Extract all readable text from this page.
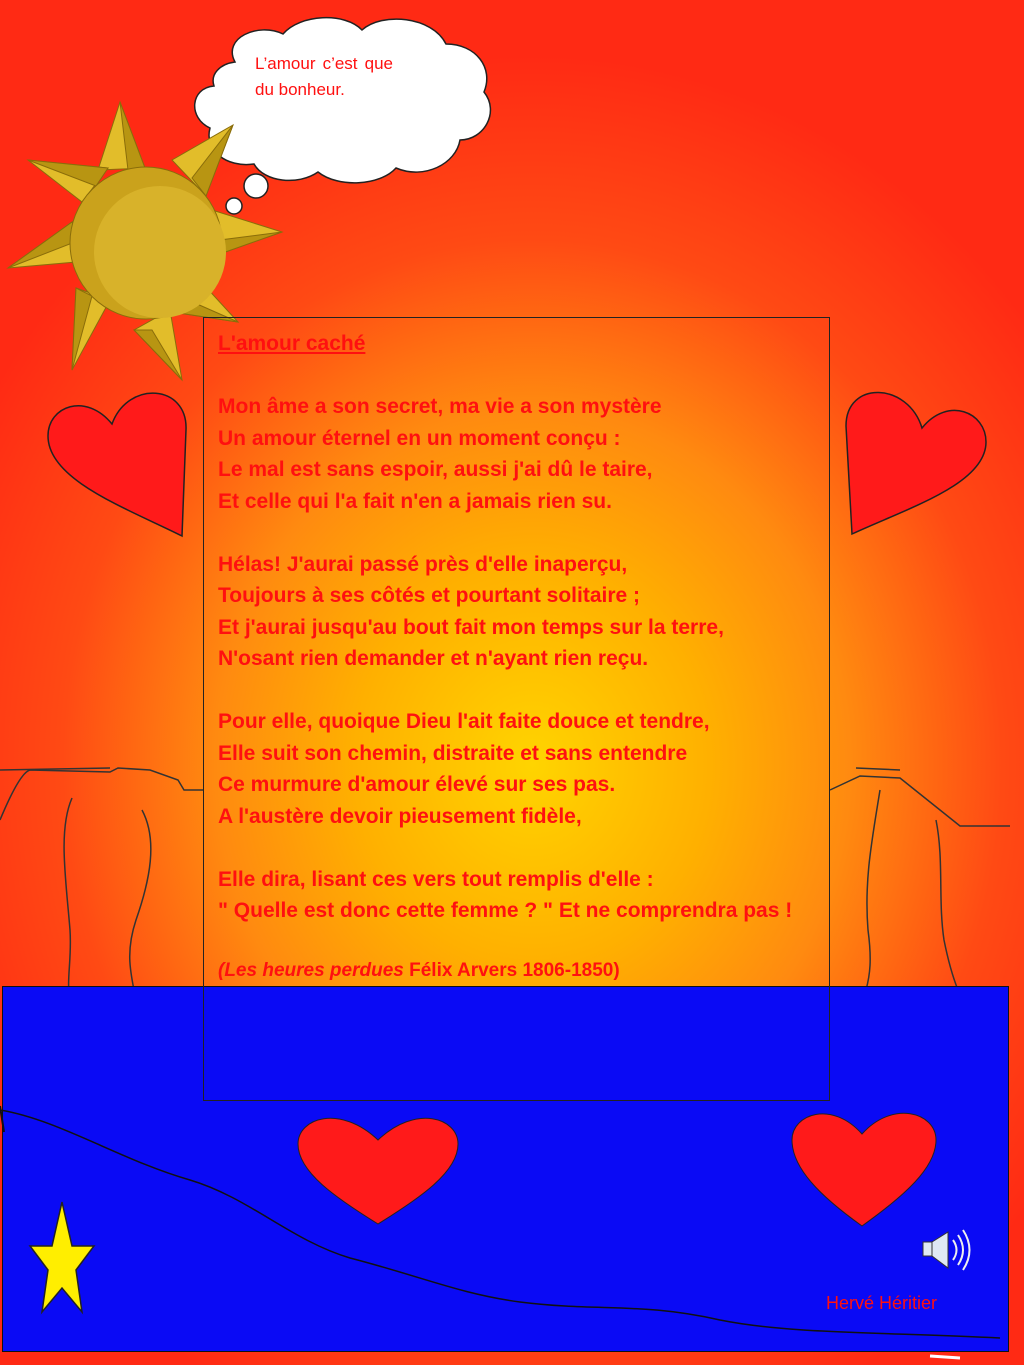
L’amour c’est que du bonheur.

L'amour caché

Mon âme a son secret, ma vie a son mystère

Un amour éternel en un moment conçu :

Le mal est sans espoir, aussi j'ai dû le taire,

Et celle qui l'a fait n'en a jamais rien su.

Hélas! J'aurai passé près d'elle inaperçu,

Toujours à ses côtés et pourtant solitaire ;

Et j'aurai jusqu'au bout fait mon temps sur la terre,

N'osant rien demander et n'ayant rien reçu.

Pour elle, quoique Dieu l'ait faite douce et tendre,

Elle suit son chemin, distraite et sans entendre

Ce murmure d'amour élevé sur ses pas.

A l'austère devoir pieusement fidèle,

Elle dira, lisant ces vers tout remplis d'elle :

" Quelle est donc cette femme ? " Et ne comprendra pas !

(Les heures perdues Félix Arvers 1806-1850)

Hervé Héritier
